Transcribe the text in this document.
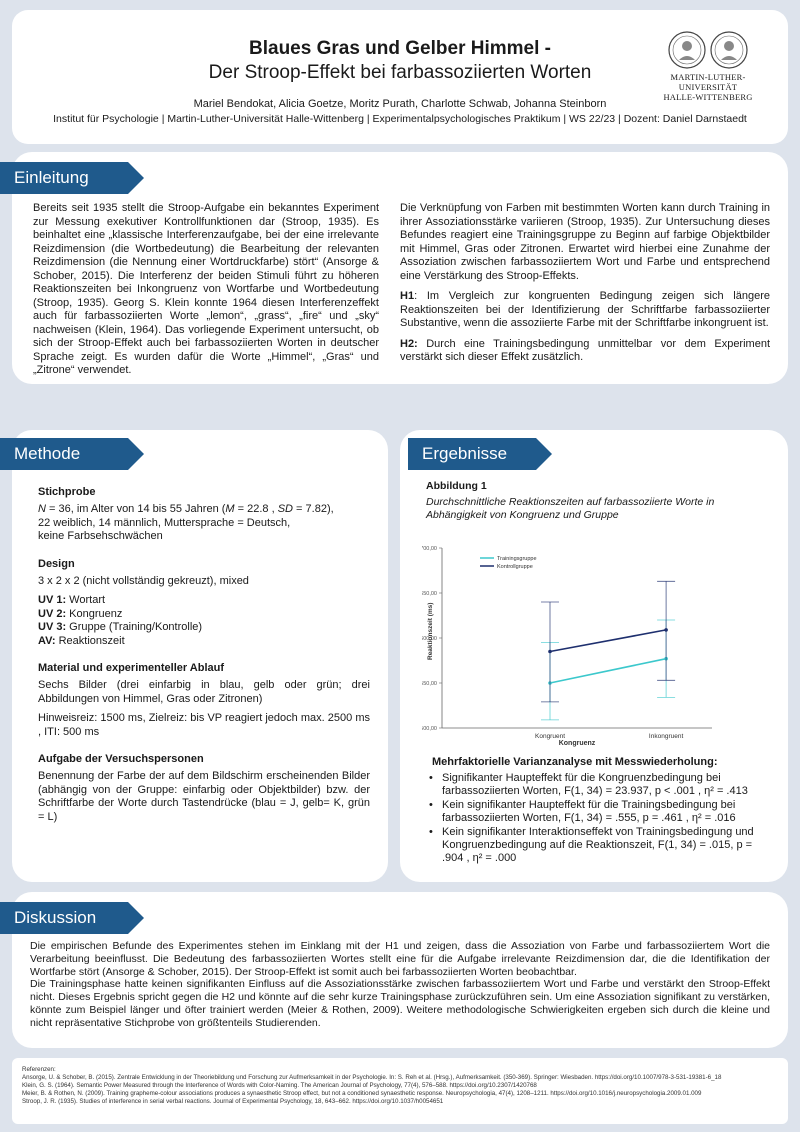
Blaues Gras und Gelber Himmel -
Der Stroop-Effekt bei farbassoziierten Worten
Mariel Bendokat, Alicia Goetze, Moritz Purath, Charlotte Schwab, Johanna Steinborn
Institut für Psychologie | Martin-Luther-Universität Halle-Wittenberg | Experimentalpsychologisches Praktikum | WS 22/23 | Dozent: Daniel Darnstaedt
MARTIN-LUTHER-UNIVERSITÄT
HALLE-WITTENBERG
Einleitung
Bereits seit 1935 stellt die Stroop-Aufgabe ein bekanntes Experiment zur Messung exekutiver Kontrollfunktionen dar (Stroop, 1935). Es beinhaltet eine „klassische Interferenzaufgabe, bei der eine irrelevante Reizdimension (die Wortbedeutung) die Bearbeitung der relevanten Reizdimension (die Nennung einer Wortdruckfarbe) stört“ (Ansorge & Schober, 2015). Die Interferenz der beiden Stimuli führt zu höheren Reaktionszeiten bei Inkongruenz von Wortfarbe und Wortbedeutung (Stroop, 1935). Georg S. Klein konnte 1964 diesen Interferenzeffekt auch für farbassoziierten Worte „lemon“, „grass“, „fire“ und „sky“ nachweisen (Klein, 1964). Das vorliegende Experiment untersucht, ob sich der Stroop-Effekt auch bei farbassoziierten Worten in deutscher Sprache zeigt. Es wurden dafür die Worte „Himmel“, „Gras“ und „Zitrone“ verwendet.

Die Verknüpfung von Farben mit bestimmten Worten kann durch Training in ihrer Assoziationsstärke variieren (Stroop, 1935). Zur Untersuchung dieses Befundes reagiert eine Trainingsgruppe zu Beginn auf farbige Objektbilder mit Himmel, Gras oder Zitronen. Erwartet wird hierbei eine Zunahme der Assoziation zwischen farbassoziiertem Wort und Farbe und entsprechend eine Verstärkung des Stroop-Effekts.

H1: Im Vergleich zur kongruenten Bedingung zeigen sich längere Reaktionszeiten bei der Identifizierung der Schriftfarbe farbassoziierter Substantive, wenn die assoziierte Farbe mit der Schriftfarbe inkongruent ist.

H2: Durch eine Trainingsbedingung unmittelbar vor dem Experiment verstärkt sich dieser Effekt zusätzlich.

Methode
Stichprobe
N = 36, im Alter von 14 bis 55 Jahren (M = 22.8 , SD = 7.82),
22 weiblich, 14 männlich, Muttersprache = Deutsch,
keine Farbsehschwächen
Design
3 x 2 x 2 (nicht vollständig gekreuzt), mixed
UV 1: Wortart
UV 2: Kongruenz
UV 3: Gruppe (Training/Kontrolle)
AV: Reaktionszeit
Material und experimenteller Ablauf
Sechs Bilder (drei einfarbig in blau, gelb oder grün; drei Abbildungen von Himmel, Gras oder Zitronen)
Hinweisreiz: 1500 ms, Zielreiz: bis VP reagiert jedoch max. 2500 ms , ITI: 500 ms
Aufgabe der Versuchspersonen
Benennung der Farbe der auf dem Bildschirm erscheinenden Bilder (abhängig von der Gruppe: einfarbig oder Objektbilder) bzw. der Schriftfarbe der Worte durch Tastendrücke (blau = J, gelb= K, grün = L)
Ergebnisse
Abbildung 1
Durchschnittliche Reaktionszeiten auf farbassoziierte Worte in Abhängigkeit von Kongruenz und Gruppe
00,00
50,00
00,00
50,00
00,00
Kongruent	Inkongruent
Trainingsgruppe
Kontrollgruppe
Reaktionszeit (ms)
Kongruenz
Mehrfaktorielle Varianzanalyse mit Messwiederholung:
• Signifikanter Haupteffekt für die Kongruenzbedingung bei farbassoziierten Worten, F(1, 34) = 23.937, p < .001 , η² = .413
• Kein signifikanter Haupteffekt für die Trainingsbedingung bei farbassoziierten Worten, F(1, 34) = .555, p = .461 , η² = .016
• Kein signifikanter Interaktionseffekt von Trainingsbedingung und Kongruenzbedingung auf die Reaktionszeit, F(1, 34) = .015, p = .904 , η² = .000
Diskussion
Die empirischen Befunde des Experimentes stehen im Einklang mit der H1 und zeigen, dass die Assoziation von Farbe und farbassoziiertem Wort die Verarbeitung beeinflusst. Die Bedeutung des farbassoziierten Wortes stellt eine für die Aufgabe irrelevante Reizdimension dar, die die Identifikation der Wortfarbe stört (Ansorge & Schober, 2015). Der Stroop-Effekt ist somit auch bei farbassoziierten Worten beobachtbar.
Die Trainingsphase hatte keinen signifikanten Einfluss auf die Assoziationsstärke zwischen farbassoziiertem Wort und Farbe und verstärkt den Stroop-Effekt nicht. Dieses Ergebnis spricht gegen die H2 und könnte auf die sehr kurze Trainingsphase zurückzuführen sein. Um eine Assoziation signifikant zu verstärken, könnte zum Beispiel länger und öfter trainiert werden (Meier & Rothen, 2009). Weitere methodologische Schwierigkeiten ergeben sich durch die kleine und nicht repräsentative Stichprobe von größtenteils Studierenden.
Referenzen:
Ansorge, U. & Schober, B. (2015). Zentrale Entwicklung in der Theoriebildung und Forschung zur Aufmerksamkeit in der Psychologie. In: S. Reh et al. (Hrsg.), Aufmerksamkeit. (350-369). Springer: Wiesbaden. https://doi.org/10.1007/978-3-531-19381-6_18
Klein, G. S. (1964). Semantic Power Measured through the Interference of Words with Color-Naming. The American Journal of Psychology, 77(4), 576–588. https://doi.org/10.2307/1420768
Meier, B. & Rothen, N. (2009). Training grapheme-colour associations produces a synaesthetic Stroop effect, but not a conditioned synaesthetic response. Neuropsychologia, 47(4), 1208–1211. https://doi.org/10.1016/j.neuropsychologia.2009.01.009
Stroop, J. R. (1935). Studies of interference in serial verbal reactions. Journal of Experimental Psychology, 18, 643–662. https://doi.org/10.1037/h0054651
